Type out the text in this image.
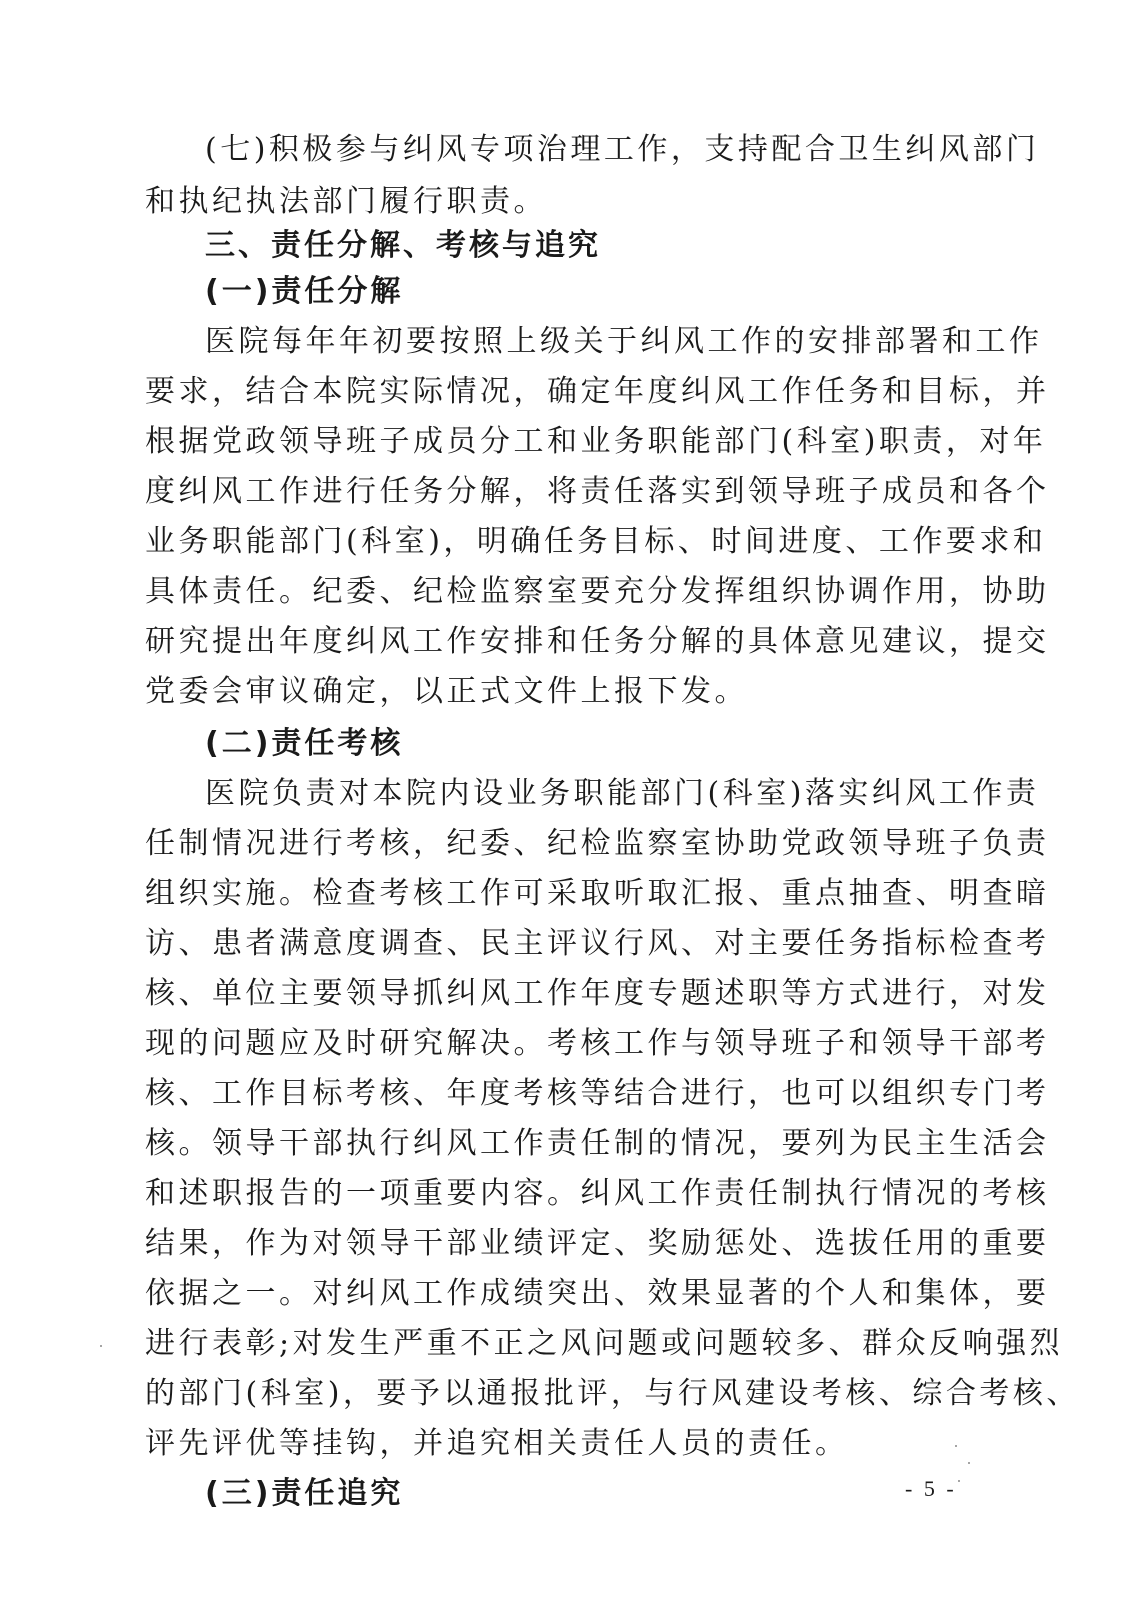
(七)积极参与纠风专项治理工作，支持配合卫生纠风部门
和执纪执法部门履行职责。
三、责任分解、考核与追究
(一)责任分解
医院每年年初要按照上级关于纠风工作的安排部署和工作
要求，结合本院实际情况，确定年度纠风工作任务和目标，并
根据党政领导班子成员分工和业务职能部门(科室)职责，对年
度纠风工作进行任务分解，将责任落实到领导班子成员和各个
业务职能部门(科室)，明确任务目标、时间进度、工作要求和
具体责任。纪委、纪检监察室要充分发挥组织协调作用，协助
研究提出年度纠风工作安排和任务分解的具体意见建议，提交
党委会审议确定，以正式文件上报下发。
(二)责任考核
医院负责对本院内设业务职能部门(科室)落实纠风工作责
任制情况进行考核，纪委、纪检监察室协助党政领导班子负责
组织实施。检查考核工作可采取听取汇报、重点抽查、明查暗
访、患者满意度调查、民主评议行风、对主要任务指标检查考
核、单位主要领导抓纠风工作年度专题述职等方式进行，对发
现的问题应及时研究解决。考核工作与领导班子和领导干部考
核、工作目标考核、年度考核等结合进行，也可以组织专门考
核。领导干部执行纠风工作责任制的情况，要列为民主生活会
和述职报告的一项重要内容。纠风工作责任制执行情况的考核
结果，作为对领导干部业绩评定、奖励惩处、选拔任用的重要
依据之一。对纠风工作成绩突出、效果显著的个人和集体，要
进行表彰;对发生严重不正之风问题或问题较多、群众反响强烈
的部门(科室)，要予以通报批评，与行风建设考核、综合考核、
评先评优等挂钩，并追究相关责任人员的责任。
(三)责任追究	- 5 -
